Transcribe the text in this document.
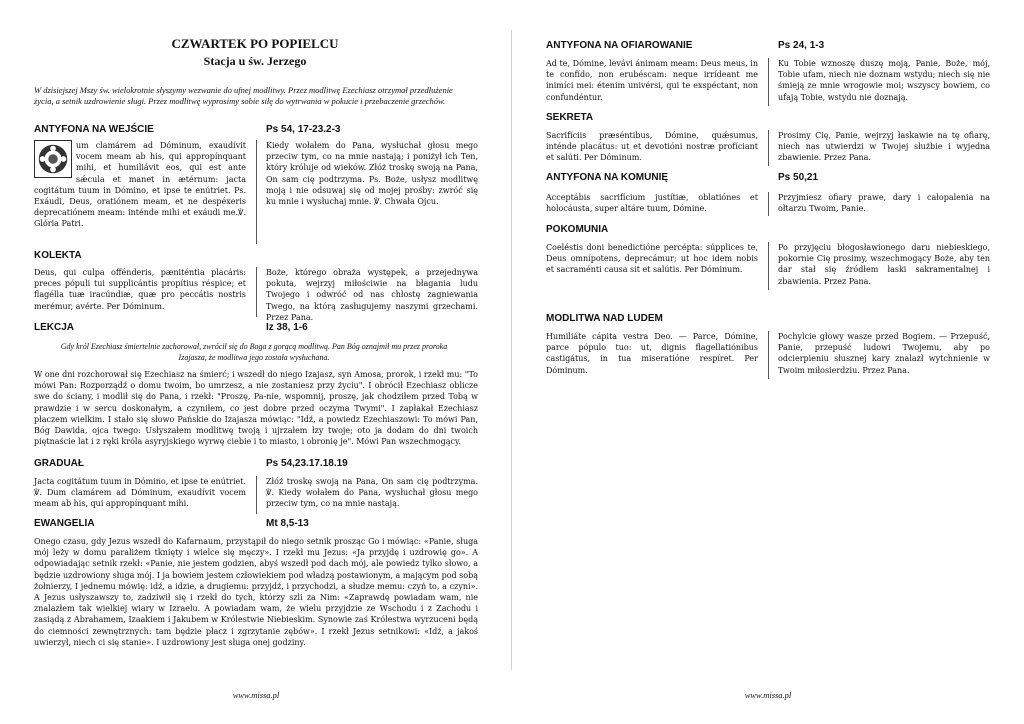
CZWARTEK PO POPIELCU
Stacja u św. Jerzego
W dzisiejszej Mszy św. wielokrotnie słyszymy wezwanie do ufnej modlitwy. Przez modlitwę Ezechiasz otrzymał przedłużenie życia, a setnik uzdrowienie sługi. Przez modlitwę wyprosimy sobie siłę do wytrwania w pokucie i przebaczenie grzechów.
ANTYFONA NA WEJŚCIE	Ps 54, 17-23.2-3
um clamárem ad Dóminum, exaudívit vocem meam ab his, qui appropínquant mihi, et humiliávit eos, qui est ante sǽcula et manet in ætérnum: jacta cogitátum tuum in Dómino, et ipse te enútriet. Ps. Exáudi, Deus, oratiónem meam, et ne despéxeris deprecatiónem meam: inténde mihi et exáudi me.℣. Glória Patri.
Kiedy wołałem do Pana, wysłuchał głosu mego przeciw tym, co na mnie nastają; i poniżył ich Ten, który króluje od wieków. Złóż troskę swoją na Pana, On sam cię podtrzyma. Ps. Boże, usłysz modlitwę moją i nie odsuwaj się od mojej prośby: zwróć się ku mnie i wysłuchaj mnie. ℣. Chwała Ojcu.
KOLEKTA
Deus, qui culpa offénderis, pæniténtia placáris: preces pópuli tui supplicántis propítius réspice; et flagélla tuæ iracúndiæ, quæ pro peccátis nostris merémur, avérte. Per Dóminum.
Boże, którego obraża występek, a przejednywa pokuta, wejrzyj miłościwie na błagania ludu Twojego i odwróć od nas chłostę zagniewania Twego, na którą zasługujemy naszymi grzechami. Przez Pana.
LEKCJA	Iz 38, 1-6
Gdy król Ezechiasz śmiertelnie zachorował, zwrócił się do Boga z gorącą modlitwą. Pan Bóg oznajmił mu przez proroka Izajasza, że modlitwa jego została wysłuchana.
W one dni rozchorował się Ezechiasz na śmierć; i wszedł do niego Izajasz, syn Amosa, prorok, i rzekł mu: "To mówi Pan: Rozporządź o domu twoim, bo umrzesz, a nie zostaniesz przy życiu". I obrócił Ezechiasz oblicze swe do ściany, i modlił się do Pana, i rzekł: "Proszę, Pa-nie, wspomnij, proszę, jak chodziłem przed Tobą w prawdzie i w sercu doskonałym, a czyniłem, co jest dobre przed oczyma Twymi". I zapłakał Ezechiasz płaczem wielkim. I stało się słowo Pańskie do Izajasza mówiąc: "Idź, a powiedz Ezechiaszowi: To mówi Pan, Bóg Dawida, ojca twego: Usłyszałem modlitwę twoją i ujrzałem łzy twoje; oto ja dodam do dni twoich piętnaście lat i z ręki króla asyryjskiego wyrwę ciebie i to miasto, i obronię je". Mówi Pan wszechmogący.
GRADUAŁ	Ps 54,23.17.18.19
Jacta cogitátum tuum in Dómino, et ipse te enútriet. ℣. Dum clamárem ad Dóminum, exaudívit vocem meam ab his, qui appropínquant mihi.
Złóż troskę swoją na Pana, On sam cię podtrzyma. ℣. Kiedy wołałem do Pana, wysłuchał głosu mego przeciw tym, co na mnie nastają.
EWANGELIA	Mt 8,5-13
Onego czasu, gdy Jezus wszedł do Kafarnaum, przystąpił do niego setnik prosząc Go i mówiąc: «Panie, sługa mój leży w domu paraliżem tknięty i wielce się męczy». I rzekł mu Jezus: «Ja przyjdę i uzdrowię go». A odpowiadając setnik rzekł: «Panie, nie jestem godzien, abyś wszedł pod dach mój, ale powiedz tylko słowo, a będzie uzdrowiony sługa mój. I ja bowiem jestem człowiekiem pod władzą postawionym, a mającym pod sobą żołnierzy, I jednemu mówię: idź, a idzie, a drugiemu: przyjdź, i przychodzi, a słudze memu: czyń to, a czyni». A Jezus usłyszawszy to, zadziwił się i rzekł do tych, którzy szli za Nim: «Zaprawdę powiadam wam, nie znalazłem tak wielkiej wiary w Izraelu. A powiadam wam, że wielu przyjdzie ze Wschodu i z Zachodu i zasiądą z Abrahamem, Izaakiem i Jakubem w Królestwie Niebieskim. Synowie zaś Królestwa wyrzuceni będą do ciemności zewnętrznych: tam będzie płacz i zgrzytanie zębów». I rzekł Jezus setnikowi: «Idź, a jakoś uwierzył, niech ci się stanie». I uzdrowiony jest sługa onej godziny.
www.missa.pl
ANTYFONA NA OFIAROWANIE	Ps 24, 1-3
Ad te, Dómine, levávi ánimam meam: Deus meus, in te confído, non erubéscam: neque irrídeant me inimíci mei: étenim univérsi, qui te exspéctant, non confundéntur.
Ku Tobie wznoszę duszę moją, Panie, Boże, mój, Tobie ufam, niech nie doznam wstydu; niech się nie śmieją ze mnie wrogowie moi; wszyscy bowiem, co ufają Tobie, wstydu nie doznają.
SEKRETA
Sacrifíciis præséntibus, Dómine, quǽsumus, inténde placátus: ut et devotióni nostræ profíciant et salúti. Per Dóminum.
Prosimy Cię, Panie, wejrzyj łaskawie na tę ofiarę, niech nas utwierdzi w Twojej służbie i wyjedna zbawienie. Przez Pana.
ANTYFONA NA KOMUNIĘ	Ps 50,21
Acceptábis sacrifícium justítiæ, oblatiónes et holocáusta, super altáre tuum, Dómine.
Przyjmiesz ofiary prawe, dary i całopalenia na ołtarzu Twoim, Panie.
POKOMUNIA
Coeléstis doni benedictióne percépta: súpplices te, Deus omnípotens, deprecámur; ut hoc idem nobis et sacraménti causa sit et salútis. Per Dóminum.
Po przyjęciu błogosławionego daru niebieskiego, pokornie Cię prosimy, wszechmogący Boże, aby ten dar stał się źródłem łaski sakramentalnej i zbawienia. Przez Pana.
MODLITWA NAD LUDEM
Humiliáte cápita vestra Deo. — Parce, Dómine, parce pópulo tuo: ut, dignis flagellatiónibus castigátus, in tua miseratióne respíret. Per Dóminum.
Pochylcie głowy wasze przed Bogiem. — Przepuść, Panie, przepuść ludowi Twojemu, aby po odcierpieniu słusznej kary znalazł wytchnienie w Twoim miłosierdziu. Przez Pana.
www.missa.pl
